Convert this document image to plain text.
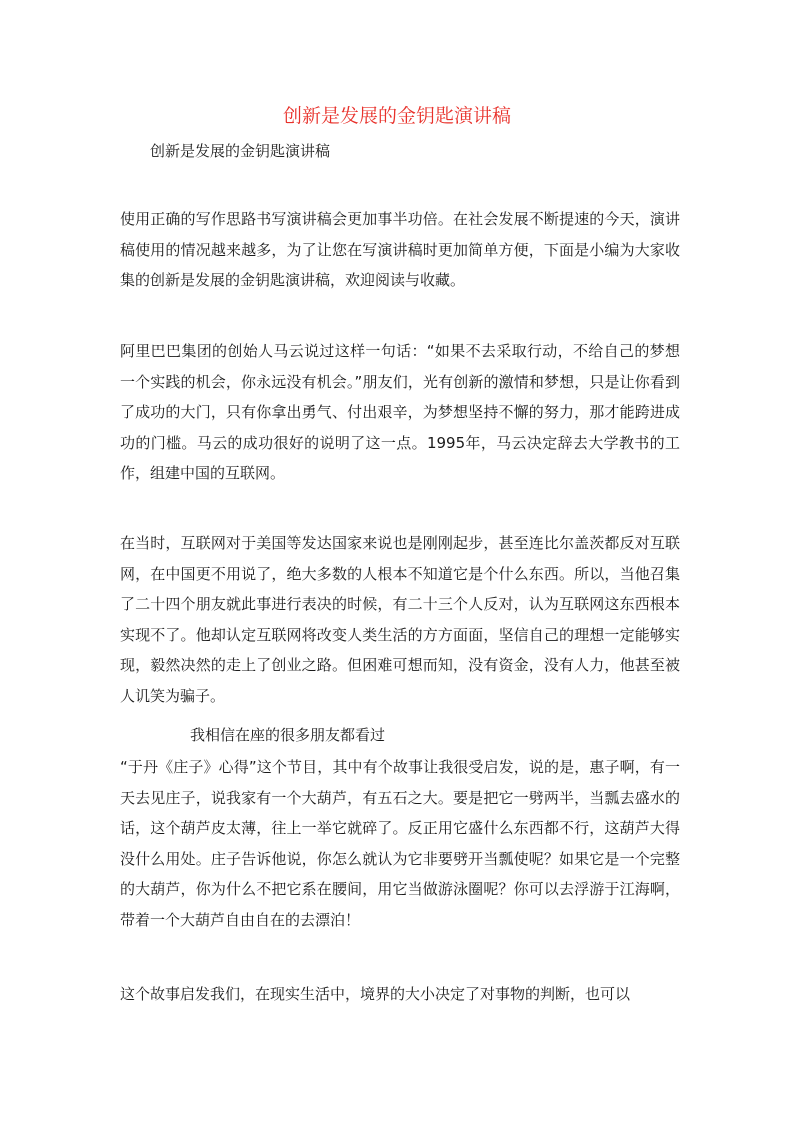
创新是发展的金钥匙演讲稿

创新是发展的金钥匙演讲稿

使用正确的写作思路书写演讲稿会更加事半功倍。在社会发展不断提速的今天，演讲稿使用的情况越来越多，为了让您在写演讲稿时更加简单方便，下面是小编为大家收集的创新是发展的金钥匙演讲稿，欢迎阅读与收藏。

阿里巴巴集团的创始人马云说过这样一句话：“如果不去采取行动，不给自己的梦想一个实践的机会，你永远没有机会。”朋友们，光有创新的激情和梦想，只是让你看到了成功的大门，只有你拿出勇气、付出艰辛，为梦想坚持不懈的努力，那才能跨进成功的门槛。马云的成功很好的说明了这一点。1995年，马云决定辞去大学教书的工作，组建中国的互联网。

在当时，互联网对于美国等发达国家来说也是刚刚起步，甚至连比尔盖茨都反对互联网，在中国更不用说了，绝大多数的人根本不知道它是个什么东西。所以，当他召集了二十四个朋友就此事进行表决的时候，有二十三个人反对，认为互联网这东西根本实现不了。他却认定互联网将改变人类生活的方方面面，坚信自己的理想一定能够实现，毅然决然的走上了创业之路。但困难可想而知，没有资金，没有人力，他甚至被人讥笑为骗子。

我相信在座的很多朋友都看过

“于丹《庄子》心得”这个节目，其中有个故事让我很受启发，说的是，惠子啊，有一天去见庄子，说我家有一个大葫芦，有五石之大。要是把它一劈两半，当瓢去盛水的话，这个葫芦皮太薄，往上一举它就碎了。反正用它盛什么东西都不行，这葫芦大得没什么用处。庄子告诉他说，你怎么就认为它非要劈开当瓢使呢？如果它是一个完整的大葫芦，你为什么不把它系在腰间，用它当做游泳圈呢？你可以去浮游于江海啊，带着一个大葫芦自由自在的去漂泊！

这个故事启发我们，在现实生活中，境界的大小决定了对事物的判断，也可以
